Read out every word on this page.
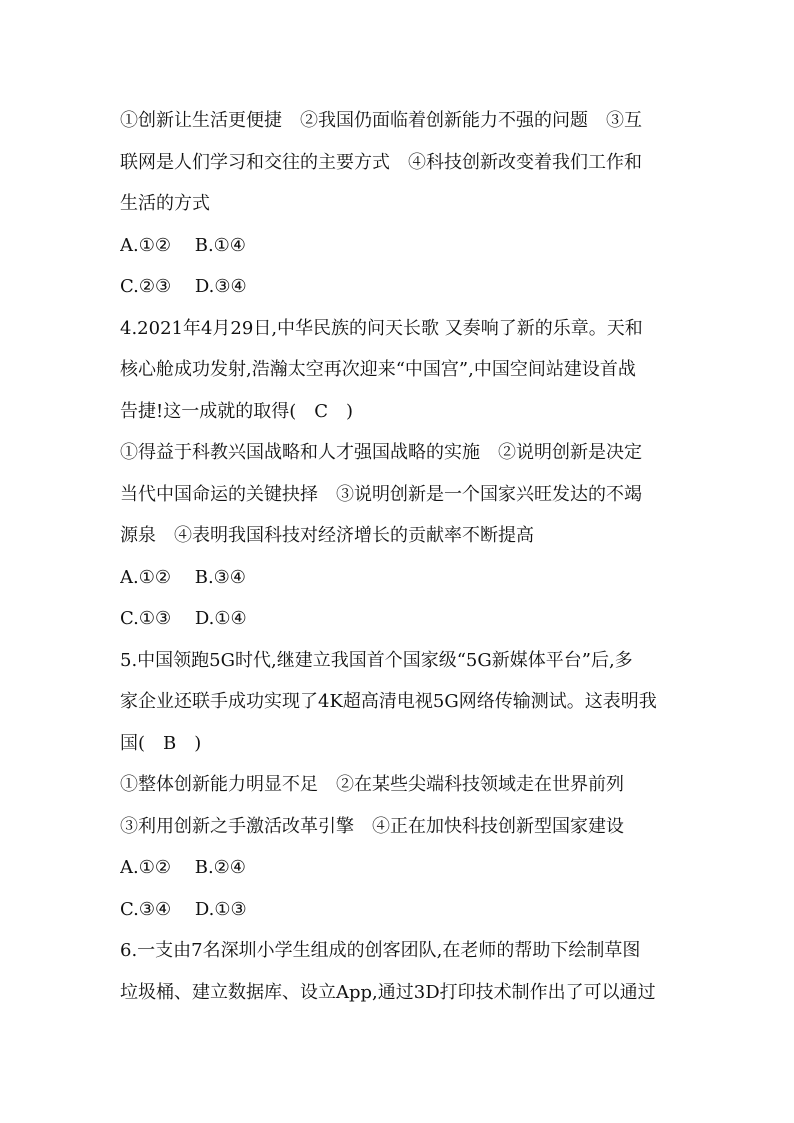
①创新让生活更便捷　②我国仍面临着创新能力不强的问题　③互
联网是人们学习和交往的主要方式　④科技创新改变着我们工作和
生活的方式
A.①②　 B.①④
C.②③　 D.③④
4.2021年4月29日,中华民族的问天长歌 又奏响了新的乐章。天和
核心舱成功发射,浩瀚太空再次迎来“中国宫”,中国空间站建设首战
告捷!这一成就的取得(　C　)
①得益于科教兴国战略和人才强国战略的实施　②说明创新是决定
当代中国命运的关键抉择　③说明创新是一个国家兴旺发达的不竭
源泉　④表明我国科技对经济增长的贡献率不断提高
A.①②　 B.③④
C.①③　 D.①④
5.中国领跑5G时代,继建立我国首个国家级“5G新媒体平台”后,多
家企业还联手成功实现了4K超高清电视5G网络传输测试。这表明我
国(　B　)
①整体创新能力明显不足　②在某些尖端科技领域走在世界前列
③利用创新之手激活改革引擎　④正在加快科技创新型国家建设
A.①②　 B.②④
C.③④　 D.①③
6.一支由7名深圳小学生组成的创客团队,在老师的帮助下绘制草图
垃圾桶、建立数据库、设立App,通过3D打印技术制作出了可以通过
